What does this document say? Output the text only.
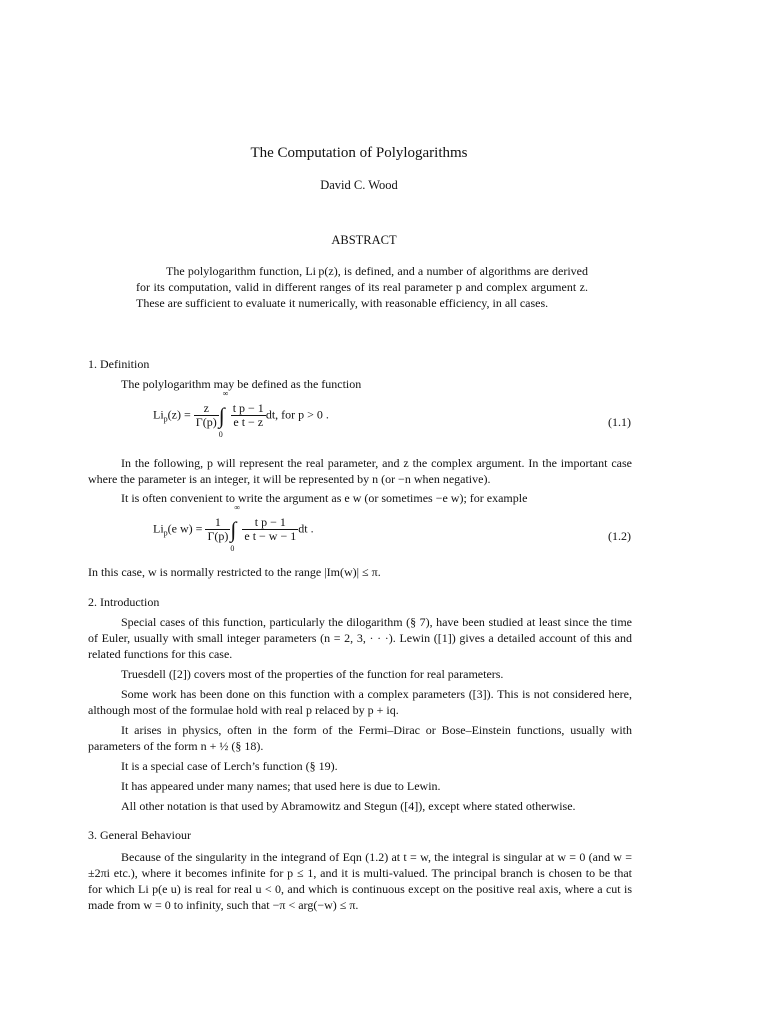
The Computation of Polylogarithms
David C. Wood
ABSTRACT

The polylogarithm function, Li p(z), is defined, and a number of algorithms are derived for its computation, valid in different ranges of its real parameter p and complex argument z. These are sufficient to evaluate it numerically, with reasonable efficiency, in all cases.

1. Definition
The polylogarithm may be defined as the function
$Li_p(z) = \frac{z}{\Gamma(p)}$ ∫
∞
0
$\frac{\text{t p − 1}}{\text{e t − z}}$ dt, for p > 0 .
(1.1)

In the following, p will represent the real parameter, and z the complex argument. In the important case where the parameter is an integer, it will be represented by n (or −n when negative).

It is often convenient to write the argument as e w (or sometimes −e w); for example

$Li_p(e$ $w) = \frac{1}{\Gamma(p)}$ ∫
∞
0
$\frac{\text{t p − 1}}{\text{e t − w − 1}}$ dt .
(1.2)

In this case, w is normally restricted to the range |Im(w)| ≤ π.

2. Introduction

Special cases of this function, particularly the dilogarithm (§ 7), have been studied at least since the time of Euler, usually with small integer parameters (n = 2, 3, · · ·). Lewin ([1]) gives a detailed account of this and related functions for this case.

Truesdell ([2]) covers most of the properties of the function for real parameters.

Some work has been done on this function with a complex parameters ([3]). This is not considered here, although most of the formulae hold with real p relaced by p + iq.

It arises in physics, often in the form of the Fermi–Dirac or Bose–Einstein functions, usually with parameters of the form n + ½ (§ 18).

It is a special case of Lerch’s function (§ 19).

It has appeared under many names; that used here is due to Lewin.

All other notation is that used by Abramowitz and Stegun ([4]), except where stated otherwise.

3. General Behaviour

Because of the singularity in the integrand of Eqn (1.2) at t = w, the integral is singular at w = 0 (and w = ±2πi etc.), where it becomes infinite for p ≤ 1, and it is multi-valued. The principal branch is chosen to be that for which Li p(e u) is real for real u < 0, and which is continuous except on the positive real axis, where a cut is made from w = 0 to infinity, such that −π < arg(−w) ≤ π.
